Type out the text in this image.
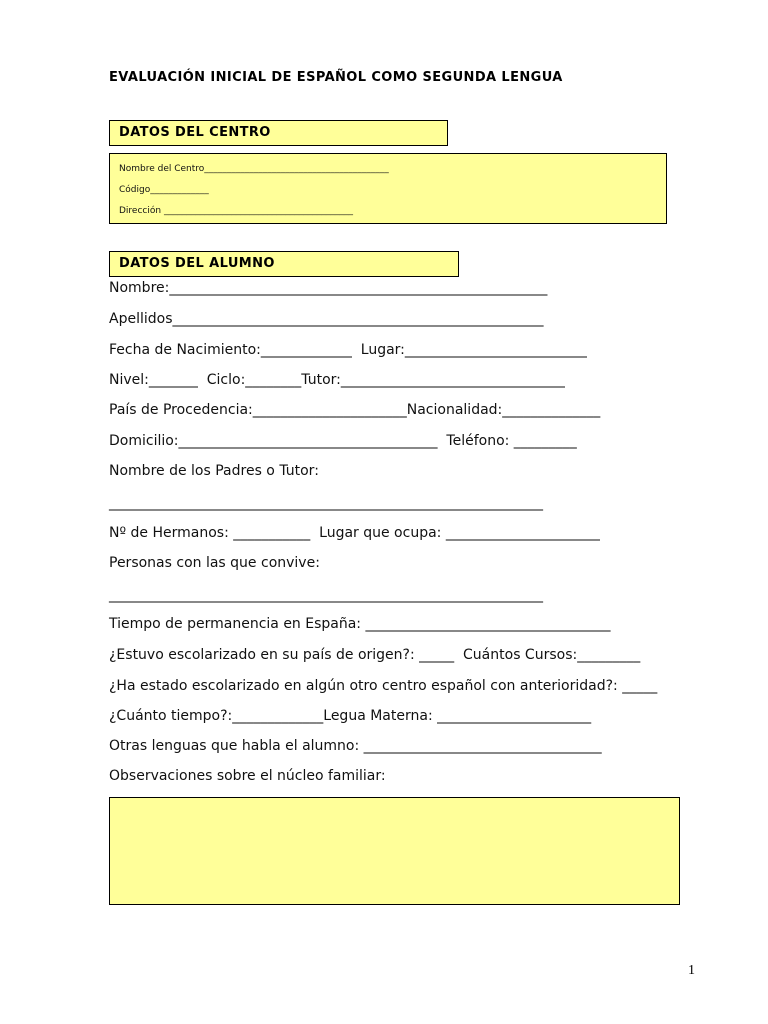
EVALUACIÓN INICIAL DE ESPAÑOL COMO SEGUNDA LENGUA
DATOS DEL CENTRO
Nombre del Centro_________________________________________
Código_____________
Dirección __________________________________________
DATOS DEL ALUMNO
Nombre:______________________________________________________
Apellidos_____________________________________________________
Fecha de Nacimiento:_____________  Lugar:__________________________
Nivel:_______  Ciclo:________Tutor:________________________________
País de Procedencia:______________________Nacionalidad:______________
Domicilio:_____________________________________  Teléfono: _________
Nombre de los Padres o Tutor:
______________________________________________________________
Nº de Hermanos: ___________  Lugar que ocupa: ______________________
Personas con las que convive:
______________________________________________________________
Tiempo de permanencia en España: ___________________________________
¿Estuvo escolarizado en su país de origen?: _____  Cuántos Cursos:_________
¿Ha estado escolarizado en algún otro centro español con anterioridad?: _____
¿Cuánto tiempo?:_____________Legua Materna: ______________________
Otras lenguas que habla el alumno: __________________________________
Observaciones sobre el núcleo familiar:
1
